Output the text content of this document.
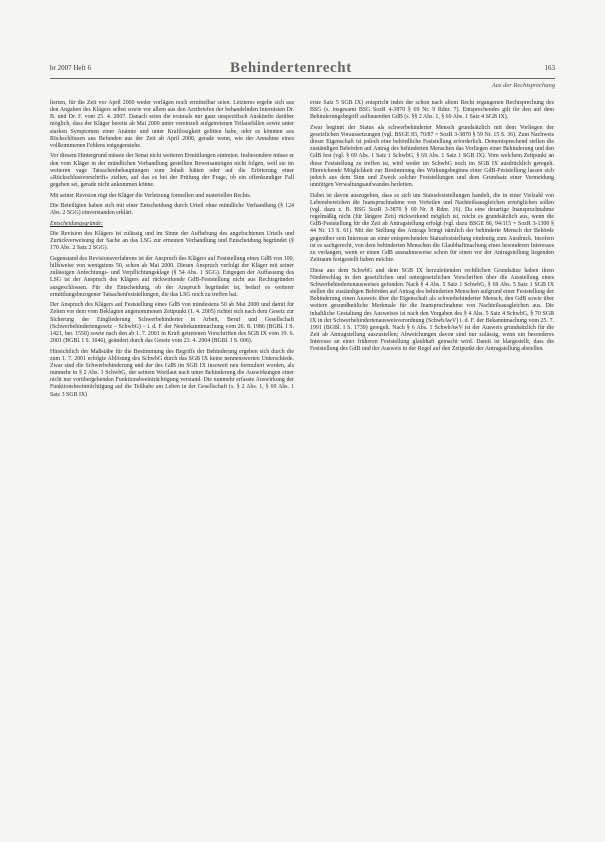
br 2007 Heft 6	Behindertenrecht	163
Aus der Rechtsprechung

lierten, für die Zeit vor April 2000 weder vorlägen noch ermittelbar seien. Letzteres ergebe sich aus den Angaben des Klägers selbst sowie vor allem aus den Arztbriefen der behandelnden Internisten Dr. B. und Dr. F. vom 25. 4. 2007. Danach seien die erstmals nur ganz unspezifisch Auskünfte darüber möglich, dass der Kläger bereits ab Mai 2000 unter vereinzelt aufgetretenen Teilausfällen sowie unter starken Symptomen einer Anämie und unter Kraftlosigkeit gelitten habe, oder es könnten aus Rückschlüssen aus Befunden aus der Zeit ab April 2000, gerade wenn, wie der Annahme eines vollkommenen Fehlens entgegenstehe.

Vor diesem Hintergrund müsste der Senat nicht weiteren Ermittlungen eintreten. Insbesondere müsse er den vom Kläger in der mündlichen Verhandlung gestellten Beweisanträgen nicht folgen, weil sie im weiteren vage Tatsachenbehauptungen zum Inhalt hätten oder auf die Erörterung einer »Rückschlussvorschrift« zielten, auf das es bei der Prüfung der Frage, ob ein offenkundiger Fall gegeben sei, gerade nicht ankommen könne.

Mit seiner Revision rügt der Kläger die Verletzung formellen und materiellen Rechts.

Die Beteiligten haben sich mit einer Entscheidung durch Urteil ohne mündliche Verhandlung (§ 124 Abs. 2 SGG) einverstanden erklärt.

Entscheidungsgründe:

Die Revision des Klägers ist zulässig und im Sinne der Aufhebung des angefochtenen Urteils und Zurückverweisung der Sache an das LSG zur erneuten Verhandlung und Entscheidung begründet (§ 170 Abs. 2 Satz 2 SGG).

Gegenstand des Revisionsverfahrens ist der Anspruch des Klägers auf Feststellung eines GdB von 100, hilfsweise von wenigstens 50, schon ab Mai 2000. Diesen Anspruch verfolgt der Kläger mit seiner zulässigen Anfechtungs- und Verpflichtungsklage (§ 54 Abs. 1 SGG). Entgegen der Auffassung des LSG ist der Anspruch des Klägers auf rückwirkende GdB-Feststellung nicht aus Rechtsgründen ausgeschlossen. Für die Entscheidung, ob der Anspruch begründet ist, bedarf es weiterer ermittlungsbezogener Tatsachenfeststellungen, die das LSG noch zu treffen hat.

Der Anspruch des Klägers auf Feststellung eines GdB von mindestens 50 ab Mai 2000 und damit für Zeiten vor dem vom Beklagten angenommenen Zeitpunkt (1. 4. 2005) richtet sich nach dem Gesetz zur Sicherung der Eingliederung Schwerbehinderter in Arbeit, Beruf und Gesellschaft (Schwerbehindertengesetz – SchwbG) – i. d. F. der Neubekanntmachung vom 26. 8. 1986 (BGBl. I S. 1421, ber. 1550) sowie nach den ab 1. 7. 2001 in Kraft getretenen Vorschriften des SGB IX vom 19. 6. 2001 (BGBl. I S. 1046), geändert durch das Gesetz vom 23. 4. 2004 (BGBl. I S. 606).

Hinsichtlich der Maßstäbe für die Bestimmung des Begriffs der Behinderung ergeben sich durch die zum 1. 7. 2001 erfolgte Ablösung des SchwbG durch das SGB IX keine nennenswerten Unterschiede. Zwar sind die Schwerbehinderung und der des GdB im SGB IX insoweit neu formuliert worden, als nunmehr in § 2 Abs. 1 SchwbG, der seinem Wortlaut nach unter Behinderung die Auswirkungen einer nicht nur vorübergehenden Funktionsbeeinträchtigung verstand. Die nunmehr erfasste Auswirkung der Funktionsbeeinträchtigung auf die Teilhabe am Leben in der Gesellschaft (s. § 2 Abs. 1, § 69 Abs. 1 Satz 3 SGB IX)

erste Satz 5 SGB IX) entspricht indes der schon nach altem Recht ergangenen Rechtsprechung des BSG (s. insgesamt BSG SozR 4-3870 § 69 Nr. 9 Rdnr. 7). Entsprechendes gilt für den auf dem Behinderungsbegriff aufbauenden GdB (s. §§ 2 Abs. 1, § 69 Abs. 1 Satz 4 SGB IX).

Zwar beginnt der Status als schwerbehinderter Mensch grundsätzlich mit dem Vorliegen der gesetzlichen Voraussetzungen (vgl. BSGE 83, 70/87 = SozR 3-3870 § 59 Nr. 15 S. 36). Zum Nachweis dieser Eigenschaft ist jedoch eine behördliche Feststellung erforderlich. Dementsprechend stellen die zuständigen Behörden auf Antrag des behinderten Menschen das Vorliegen einer Behinderung und den GdB fest (vgl. § 69 Abs. 1 Satz 1 SchwbG, § 69 Abs. 1 Satz 1 SGB IX). Vom welchem Zeitpunkt an diese Feststellung zu treffen ist, wird weder im SchwbG noch im SGB IX ausdrücklich geregelt. Hinreichende Möglichkeit zur Bestimmung des Wirkungsbeginns einer GdB-Feststellung lassen sich jedoch aus dem Sinn und Zweck solcher Feststellungen und dem Grundsatz einer Vermeidung unnötigen Verwaltungsaufwandes herleiten.

Dabei ist davon auszugehen, dass es sich um Statusfeststellungen handelt, die in einer Vielzahl von Lebensbereichen die Inanspruchnahme von Vorteilen und Nachteilsausgleichen ermöglichen sollen (vgl. dazu z. B. BSG SozR 3-3870 § 69 Nr. 8 Rdnr. 16). Da eine derartige Inanspruchnahme regelmäßig nicht (für längere Zeit) rückwirkend möglich ist, reicht es grundsätzlich aus, wenn die GdB-Feststellung für die Zeit ab Antragstellung erfolgt (vgl. dazu BSGE 86, 94/115 = SozR 3-1300 § 44 Nr. 13 S. 61). Mit der Stellung des Antrags bringt nämlich der behinderte Mensch der Behörde gegenüber sein Interesse an einer entsprechenden Statusfeststellung eindeutig zum Ausdruck. Insofern ist es sachgerecht, von dem behinderten Menschen die Glaubhaftmachung eines besonderen Interesses zu verlangen, wenn er einen GdB ausnahmsweise schon für einen vor der Antragstellung liegenden Zeitraum festgestellt haben möchte.

Diese aus dem SchwbG und dem SGB IX herzuleitenden rechtlichen Grundsätze haben ihren Niederschlag in den gesetzlichen und untergesetzlichen Vorschriften über die Ausstellung eines Schwerbehindertenausweises gefunden. Nach § 4 Abs. 5 Satz 1 SchwbG, § 69 Abs. 5 Satz 1 SGB IX stellen die zuständigen Behörden auf Antrag des behinderten Menschen aufgrund einer Feststellung der Behinderung einen Ausweis über die Eigenschaft als schwerbehinderter Mensch, den GdB sowie über weitere gesundheitliche Merkmale für die Inanspruchnahme von Nachteilsausgleichen aus. Die inhaltliche Gestaltung des Ausweises ist nach den Vorgaben des § 4 Abs. 5 Satz 4 SchwbG, § 70 SGB IX in der Schwerbehindertenausweisverordnung (SchwbAwV) i. d. F. der Bekanntmachung vom 25. 7. 1991 (BGBl. I S. 1739) geregelt. Nach § 6 Abs. 1 SchwbAwV ist der Ausweis grundsätzlich für die Zeit ab Antragstellung auszustellen; Abweichungen davon sind nur zulässig, wenn ein besonderes Interesse an einer früheren Feststellung glaubhaft gemacht wird. Damit ist klargestellt, dass die Feststellung des GdB und der Ausweis in der Regel auf den Zeitpunkt der Antragstellung abstellen.
